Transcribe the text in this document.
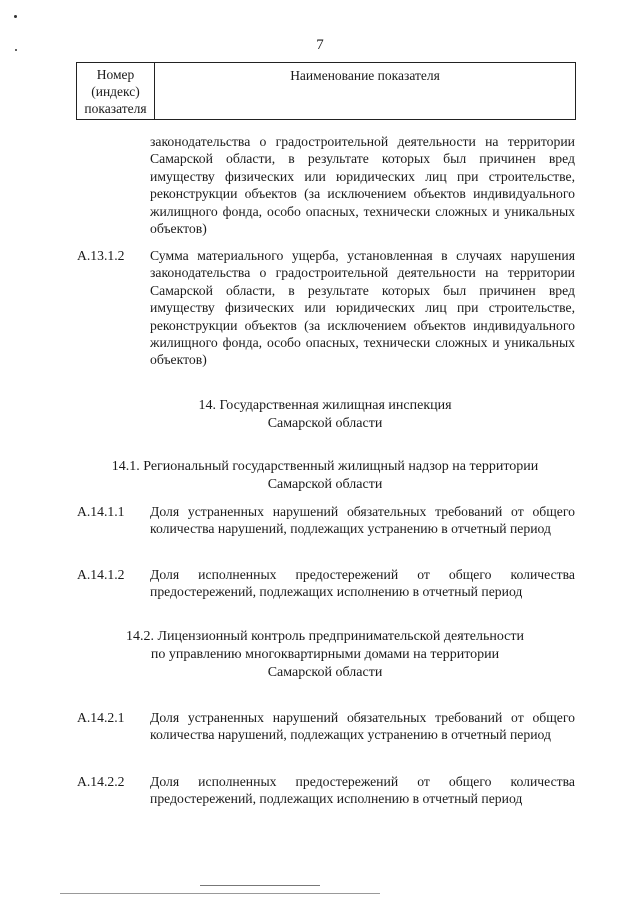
7
Номер (индекс) показателя
Наименование показателя
законодательства о градостроительной деятельности на территории Самарской области, в результате которых был причинен вред имуществу физических или юридических лиц при строительстве, реконструкции объектов (за исключением объектов индивидуального жилищного фонда, особо опасных, технически сложных и уникальных объектов)
А.13.1.2 Сумма материального ущерба, установленная в случаях нарушения законодательства о градостроительной деятельности на территории Самарской области, в результате которых был причинен вред имуществу физических или юридических лиц при строительстве, реконструкции объектов (за исключением объектов индивидуального жилищного фонда, особо опасных, технически сложных и уникальных объектов)
14. Государственная жилищная инспекция
Самарской области
14.1. Региональный государственный жилищный надзор на территории
Самарской области
А.14.1.1 Доля устраненных нарушений обязательных требований от общего количества нарушений, подлежащих устранению в отчетный период
А.14.1.2 Доля исполненных предостережений от общего количества предостережений, подлежащих исполнению в отчетный период
14.2. Лицензионный контроль предпринимательской деятельности
по управлению многоквартирными домами на территории
Самарской области
А.14.2.1 Доля устраненных нарушений обязательных требований от общего количества нарушений, подлежащих устранению в отчетный период
А.14.2.2 Доля исполненных предостережений от общего количества предостережений, подлежащих исполнению в отчетный период
